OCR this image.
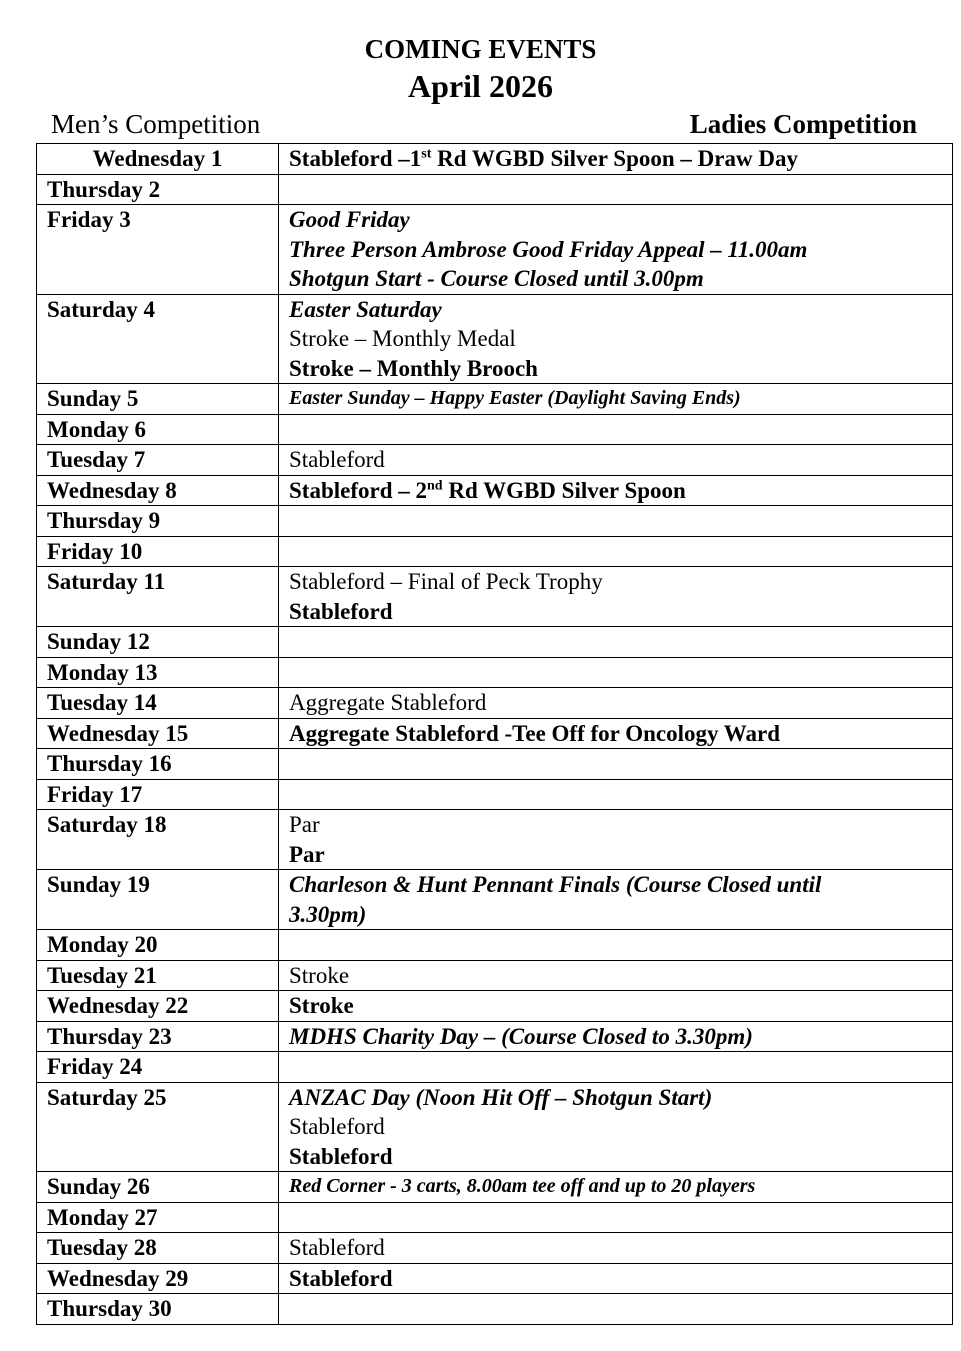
COMING EVENTS
April 2026
Men’s Competition	Ladies Competition
Wednesday 1	Stableford –1st Rd WGBD Silver Spoon – Draw Day

Thursday 2	
Friday 3	Good Friday
Three Person Ambrose Good Friday Appeal – 11.00am
Shotgun Start - Course Closed until 3.00pm

Saturday 4	Easter Saturday
Stroke – Monthly Medal
Stroke – Monthly Brooch

Sunday 5	Easter Sunday – Happy Easter (Daylight Saving Ends)

Monday 6	
Tuesday 7	Stableford

Wednesday 8	Stableford – 2nd Rd WGBD Silver Spoon

Thursday 9	
Friday 10	
Saturday 11	Stableford – Final of Peck Trophy
Stableford

Sunday 12	
Monday 13	
Tuesday 14	Aggregate Stableford

Wednesday 15	Aggregate Stableford -Tee Off for Oncology Ward

Thursday 16	
Friday 17	
Saturday 18	Par
Par

Sunday 19	Charleson & Hunt Pennant Finals (Course Closed until
3.30pm)

Monday 20	
Tuesday 21	Stroke

Wednesday 22	Stroke

Thursday 23	MDHS Charity Day – (Course Closed to 3.30pm)

Friday 24	
Saturday 25	ANZAC Day (Noon Hit Off – Shotgun Start)
Stableford
Stableford

Sunday 26	Red Corner - 3 carts, 8.00am tee off and up to 20 players

Monday 27	
Tuesday 28	Stableford

Wednesday 29	Stableford

Thursday 30	
